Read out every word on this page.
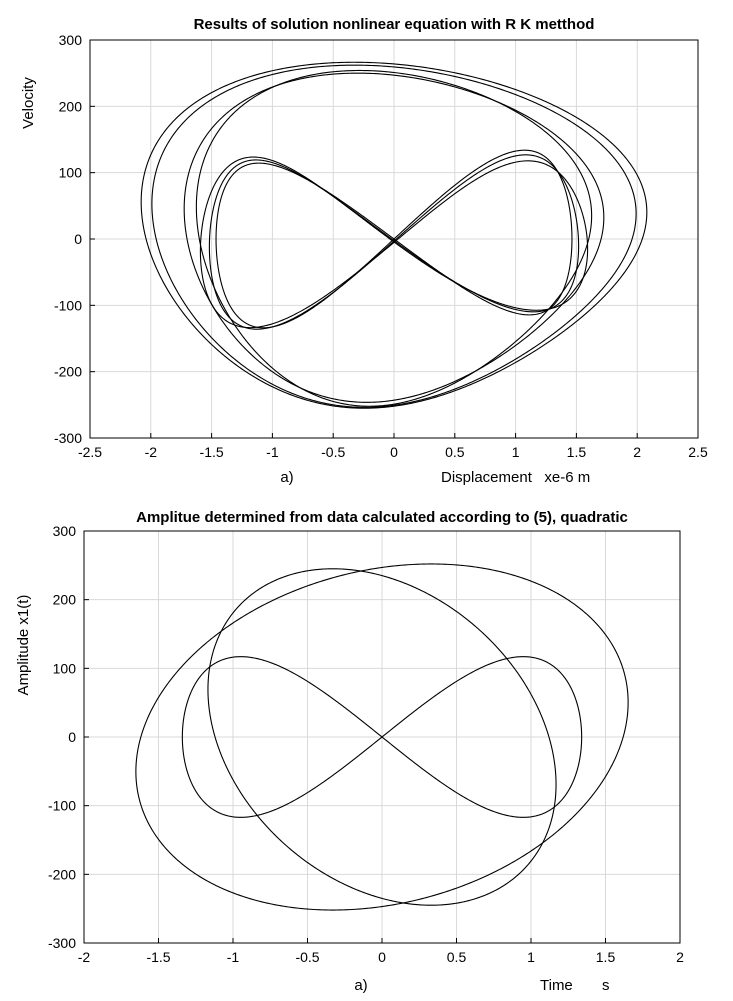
Results of solution nonlinear equation with R K metthod
-2.5	-2	-1.5	-1	-0.5	0	0.5	1	1.5	2	2.5
300
200
100
0
-100
-200
-300
Velocity
a)	Displacement   xe-6 m
Amplitue determined from data calculated according to (5), quadratic
-2	-1.5	-1	-0.5	0	0.5	1	1.5	2
300
200
100
0
-100
-200
-300
Amplitude x1(t)
a)	Time       s
